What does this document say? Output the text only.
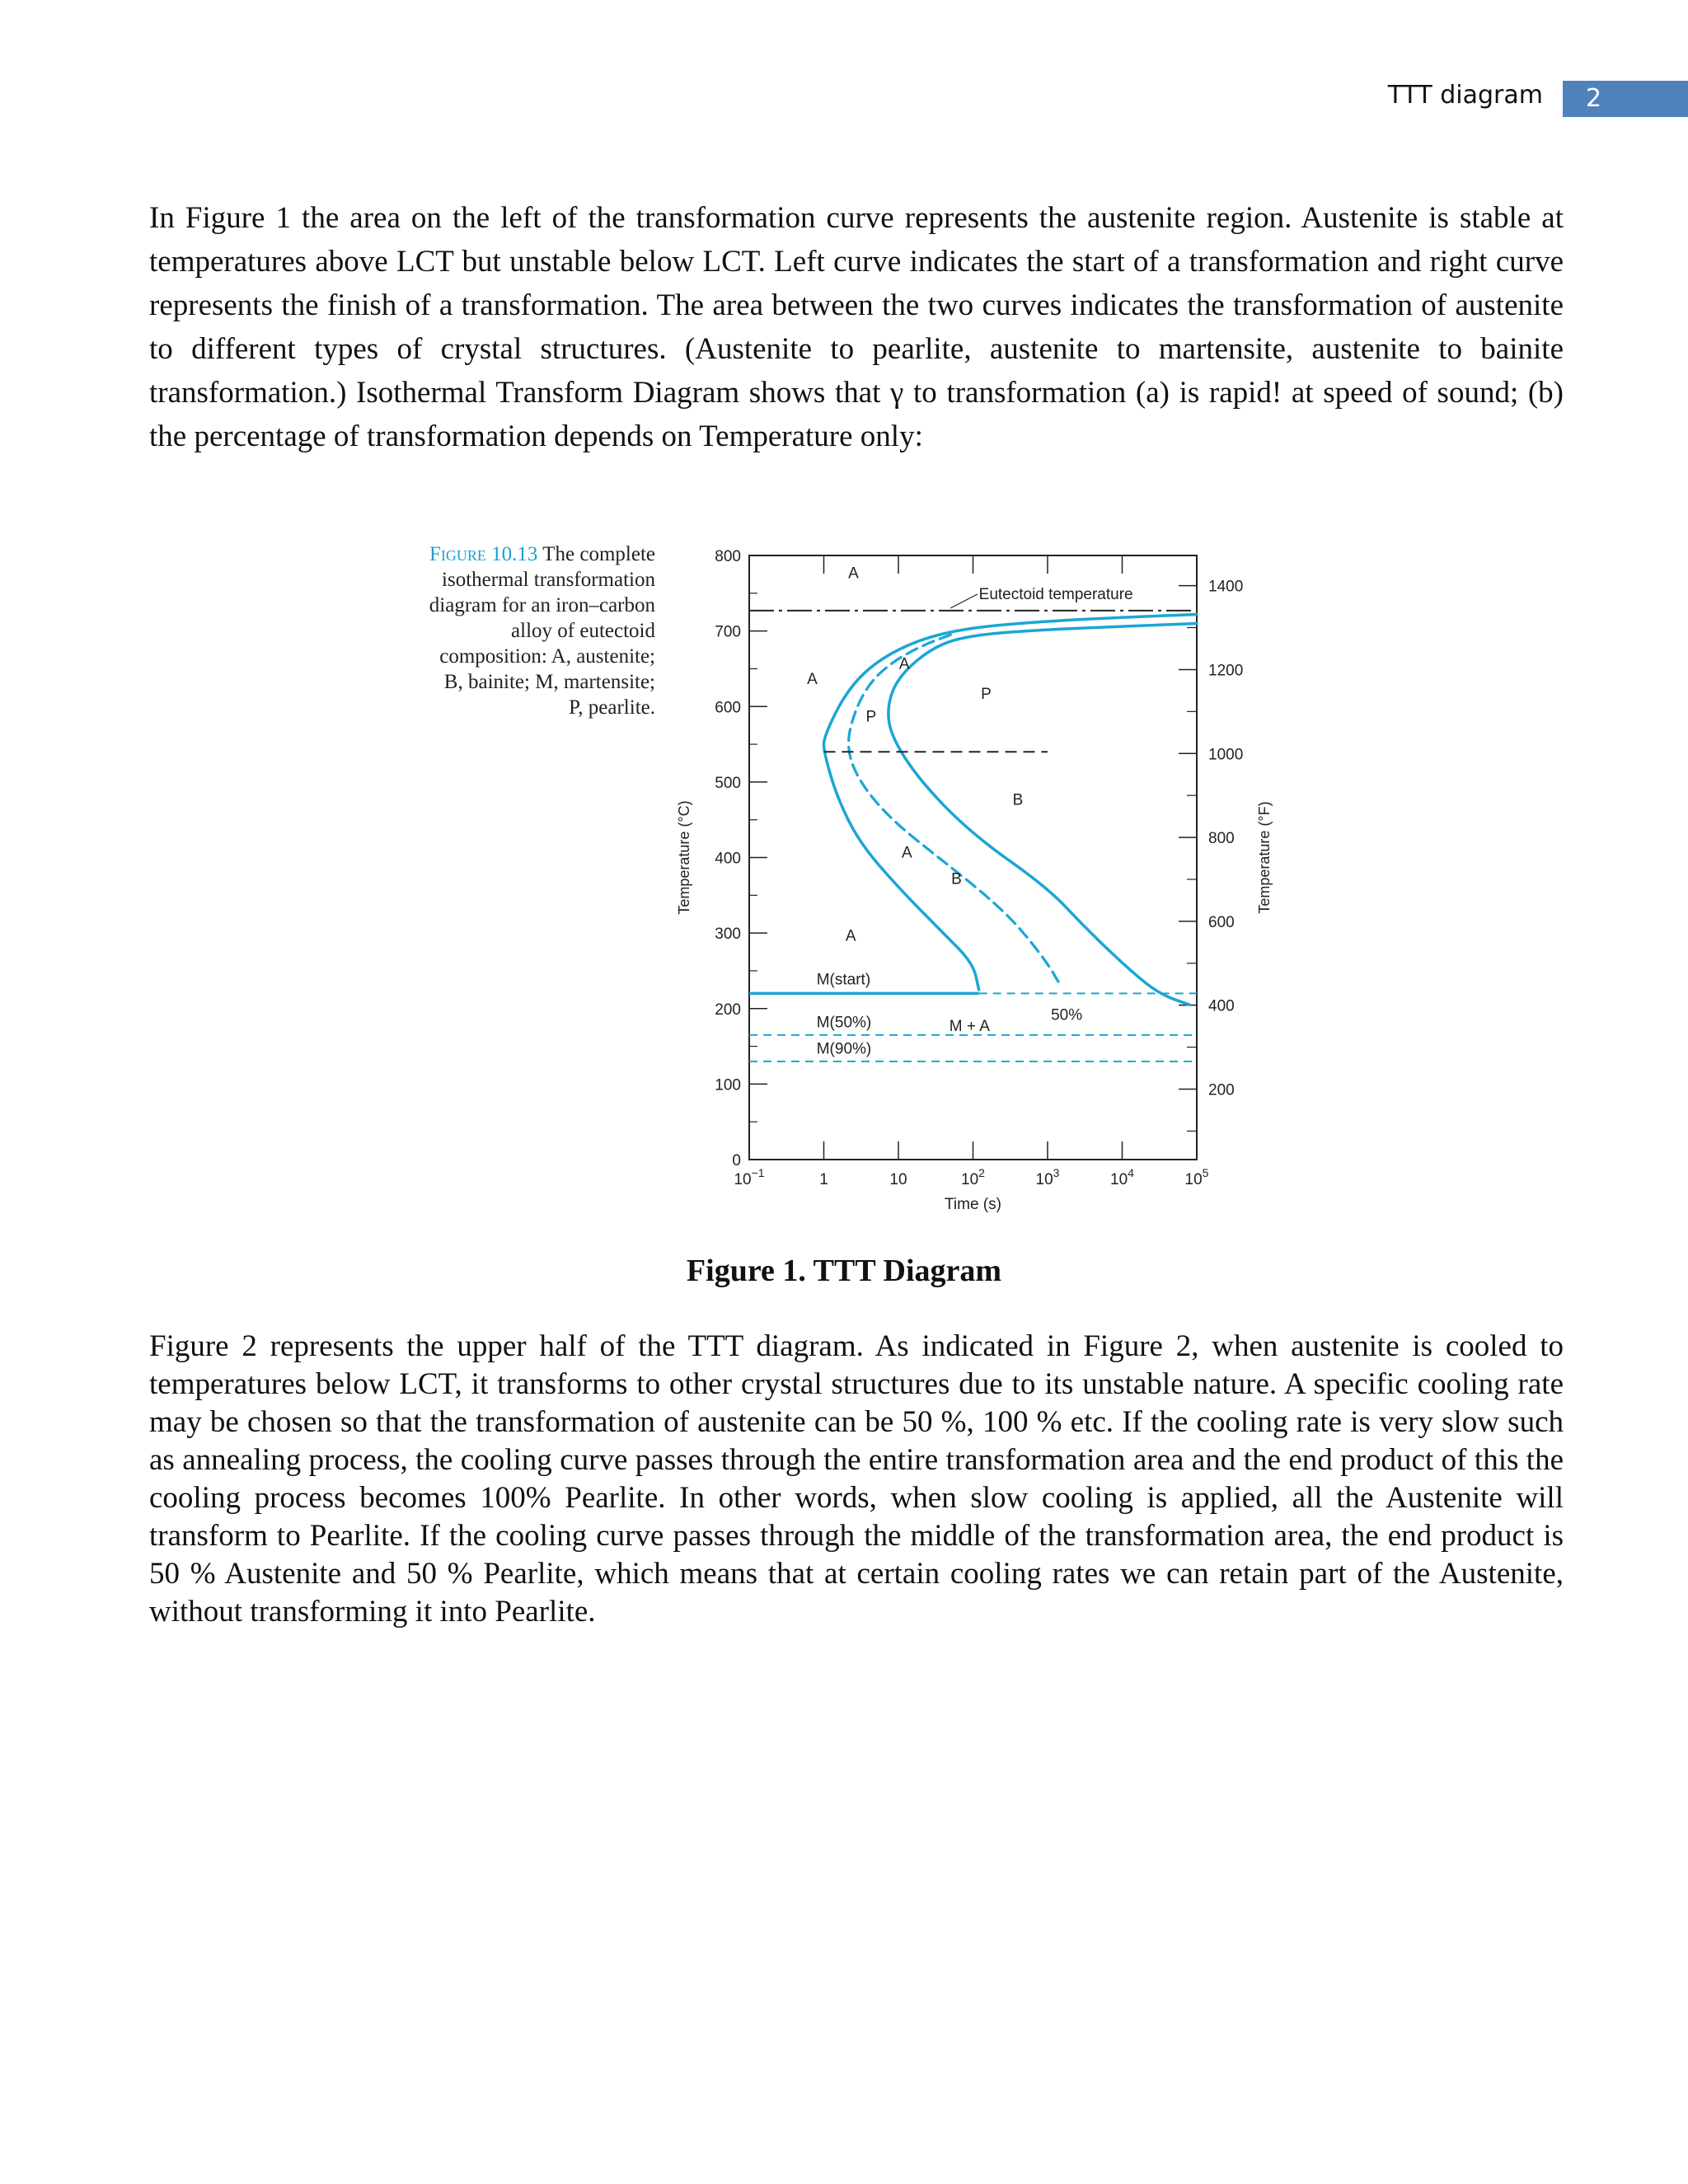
TTT diagram	2

In Figure 1 the area on the left of the transformation curve represents the austenite region. Austenite is stable at temperatures above LCT but unstable below LCT. Left curve indicates the start of a transformation and right curve represents the finish of a transformation. The area between the two curves indicates the transformation of austenite to different types of crystal structures. (Austenite to pearlite, austenite to martensite, austenite to bainite transformation.) Isothermal Transform Diagram shows that γ to transformation (a) is rapid! at speed of sound; (b) the percentage of transformation depends on Temperature only:

Figure 10.13 The complete isothermal transformation diagram for an iron–carbon alloy of eutectoid composition: A, austenite; B, bainite; M, martensite; P, pearlite.
0
100
200
300
400
500
600
700
800
200
400
600
800
1000
1200
1400
$10^{-1}$	1	10	$10^2$	$10^3$	$10^4$	$10^5$
Time (s)
Temperature (°C)	Temperature (°F)
Eutectoid temperature
A
A
A
P
B
P
A
A
B
M + A
50%
M(start)
M(50%)
M(90%)
Figure 1. TTT Diagram

Figure 2 represents the upper half of the TTT diagram. As indicated in Figure 2, when austenite is cooled to temperatures below LCT, it transforms to other crystal structures due to its unstable nature. A specific cooling rate may be chosen so that the transformation of austenite can be 50 %, 100 % etc. If the cooling rate is very slow such as annealing process, the cooling curve passes through the entire transformation area and the end product of this the cooling process becomes 100% Pearlite. In other words, when slow cooling is applied, all the Austenite will transform to Pearlite. If the cooling curve passes through the middle of the transformation area, the end product is 50 % Austenite and 50 % Pearlite, which means that at certain cooling rates we can retain part of the Austenite, without transforming it into Pearlite.
